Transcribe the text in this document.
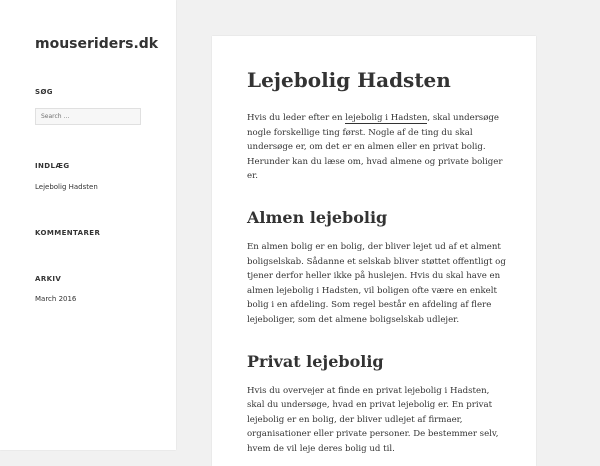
mouseriders.dk
SØG
Search …
INDLÆG
Lejebolig Hadsten
KOMMENTARER
ARKIV
March 2016
Lejebolig Hadsten

Hvis du leder efter en lejebolig i Hadsten, skal undersøge nogle forskellige ting først. Nogle af de ting du skal undersøge er, om det er en almen eller en privat bolig. Herunder kan du læse om, hvad almene og private boliger er.

Almen lejebolig

En almen bolig er en bolig, der bliver lejet ud af et alment boligselskab. Sådanne et selskab bliver støttet offentligt og tjener derfor heller ikke på huslejen. Hvis du skal have en almen lejebolig i Hadsten, vil boligen ofte være en enkelt bolig i en afdeling. Som regel består en afdeling af flere lejeboliger, som det almene boligselskab udlejer.

Privat lejebolig

Hvis du overvejer at finde en privat lejebolig i Hadsten, skal du undersøge, hvad en privat lejebolig er. En privat lejebolig er en bolig, der bliver udlejet af firmaer, organisationer eller private personer. De bestemmer selv, hvem de vil leje deres bolig ud til.
